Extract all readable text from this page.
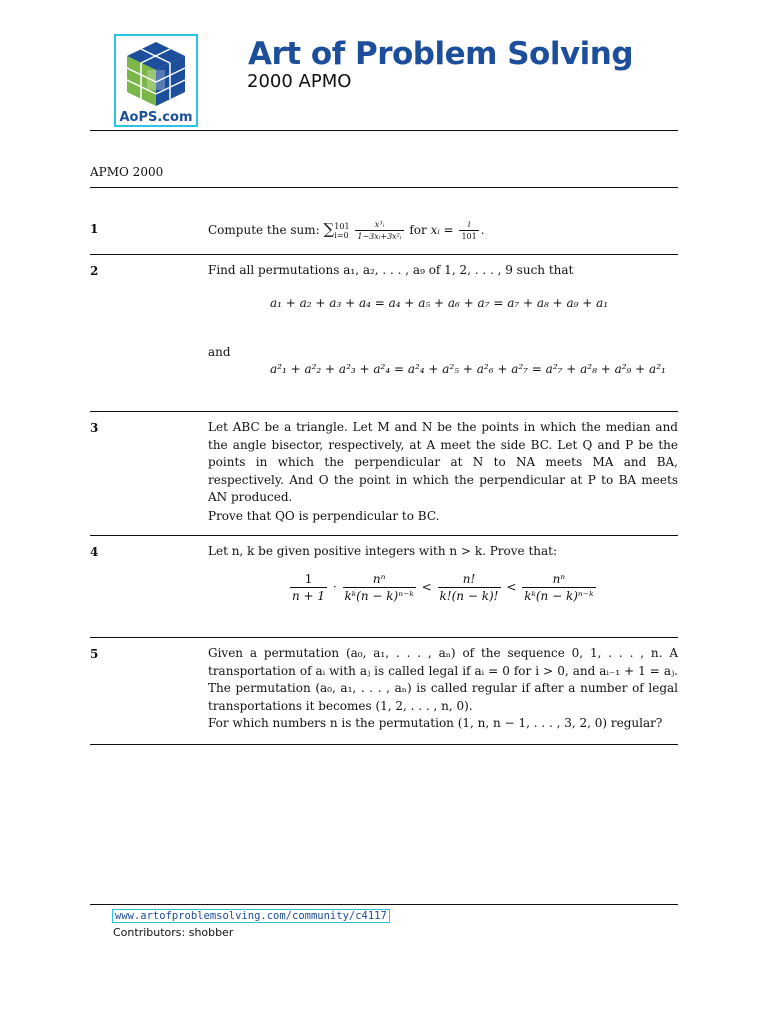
AoPS.com
Art of Problem Solving
2000 APMO
APMO 2000
1	Compute the sum: ∑ 101
i=0
$\frac{\text{x³ᵢ}}{\text{1−3xᵢ+3x²ᵢ}}$ for xᵢ = $\frac{i}{101}$ .
2	Find all permutations a₁, a₂, . . . , a₉ of 1, 2, . . . , 9 such that
a₁ + a₂ + a₃ + a₄ = a₄ + a₅ + a₆ + a₇ = a₇ + a₈ + a₉ + a₁
and
a²₁ + a²₂ + a²₃ + a²₄ = a²₄ + a²₅ + a²₆ + a²₇ = a²₇ + a²₈ + a²₉ + a²₁
3	Let ABC be a triangle. Let M and N be the points in which the median and the angle bisector, respectively, at A meet the side BC. Let Q and P be the points in which the perpendicular at N to NA meets MA and BA, respectively. And O the point in which the perpendicular at P to BA meets AN produced.
Prove that QO is perpendicular to BC.
4	Let n, k be given positive integers with n > k. Prove that:
$\frac{1}{n + 1} \cdot \frac{\text{nⁿ}}{\text{kᵏ(n − k)ⁿ⁻ᵏ}} < \frac{n!}{k!(n - k)!} < \frac{\text{nⁿ}}{\text{kᵏ(n − k)ⁿ⁻ᵏ}}$
5	Given a permutation (a₀, a₁, . . . , aₙ) of the sequence 0, 1, . . . , n. A transportation of aᵢ with aⱼ is called legal if aᵢ = 0 for i > 0, and aᵢ₋₁ + 1 = aⱼ. The permutation (a₀, a₁, . . . , aₙ) is called regular if after a number of legal transportations it becomes (1, 2, . . . , n, 0).
For which numbers n is the permutation (1, n, n − 1, . . . , 3, 2, 0) regular?
www.artofproblemsolving.com/community/c4117
Contributors: shobber
